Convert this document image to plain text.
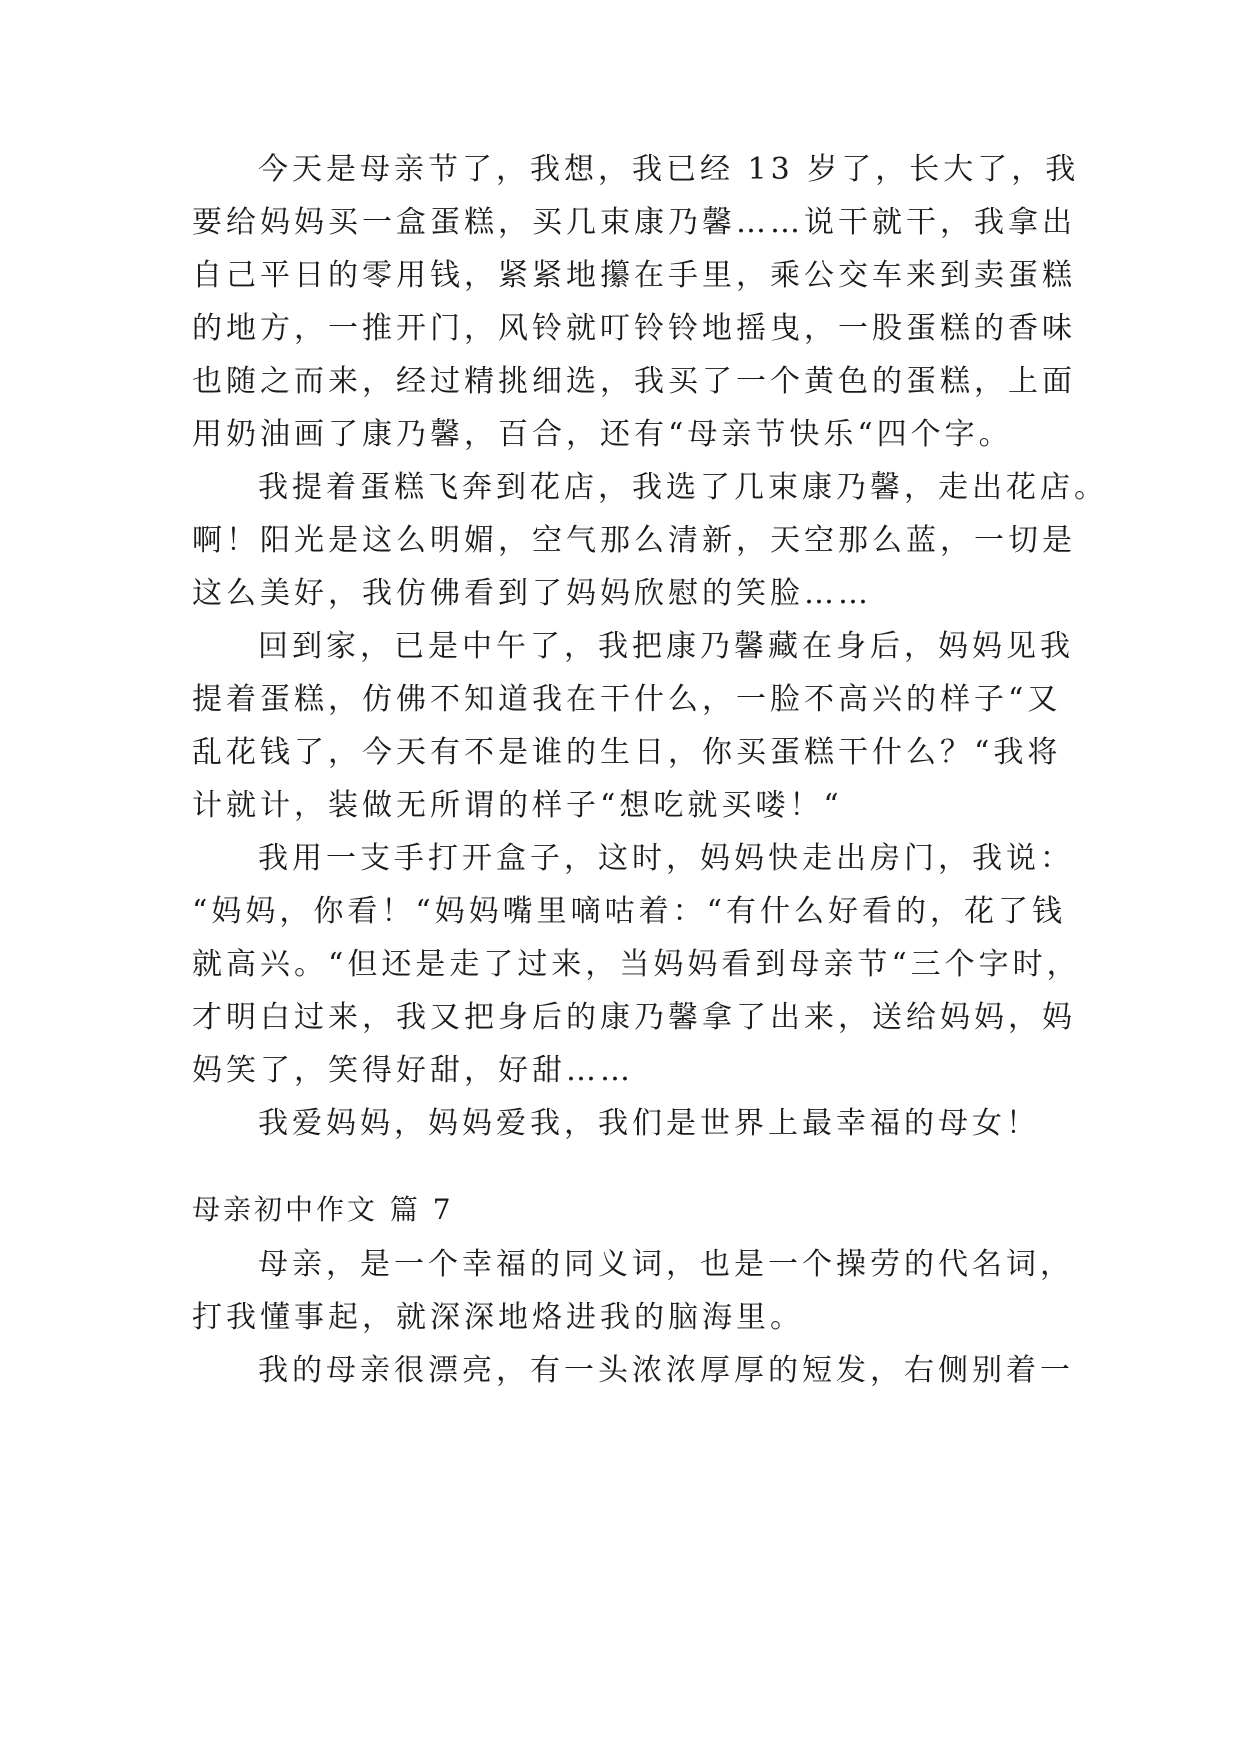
今天是母亲节了，我想，我已经 13 岁了，长大了，我
要给妈妈买一盒蛋糕，买几束康乃馨……说干就干，我拿出
自己平日的零用钱，紧紧地攥在手里，乘公交车来到卖蛋糕
的地方，一推开门，风铃就叮铃铃地摇曳，一股蛋糕的香味
也随之而来，经过精挑细选，我买了一个黄色的蛋糕，上面
用奶油画了康乃馨，百合，还有“母亲节快乐“四个字。
我提着蛋糕飞奔到花店，我选了几束康乃馨，走出花店。
啊！阳光是这么明媚，空气那么清新，天空那么蓝，一切是
这么美好，我仿佛看到了妈妈欣慰的笑脸……
回到家，已是中午了，我把康乃馨藏在身后，妈妈见我
提着蛋糕，仿佛不知道我在干什么，一脸不高兴的样子“又
乱花钱了，今天有不是谁的生日，你买蛋糕干什么？“我将
计就计，装做无所谓的样子“想吃就买喽！“
我用一支手打开盒子，这时，妈妈快走出房门，我说：
“妈妈，你看！“妈妈嘴里嘀咕着：“有什么好看的，花了钱
就高兴。“但还是走了过来，当妈妈看到母亲节“三个字时，
才明白过来，我又把身后的康乃馨拿了出来，送给妈妈，妈
妈笑了，笑得好甜，好甜……
我爱妈妈，妈妈爱我，我们是世界上最幸福的母女！
母亲初中作文 篇 7
母亲，是一个幸福的同义词，也是一个操劳的代名词，
打我懂事起，就深深地烙进我的脑海里。
我的母亲很漂亮，有一头浓浓厚厚的短发，右侧别着一
